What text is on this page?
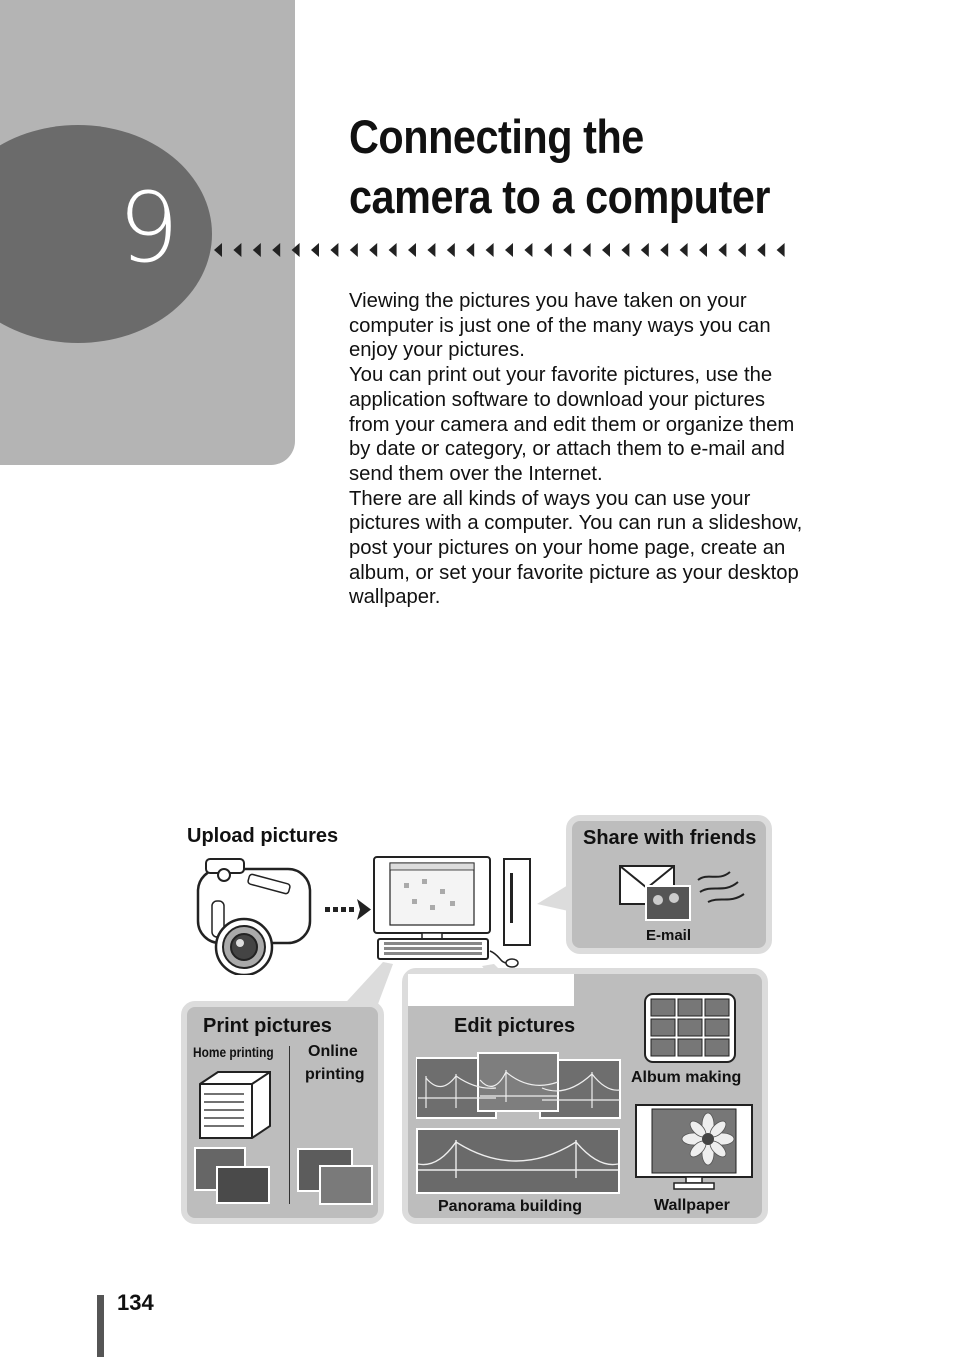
9
Connecting the
camera to a computer

Viewing the pictures you have taken on your computer is just one of the many ways you can enjoy your pictures.

You can print out your favorite pictures, use the application software to download your pictures from your camera and edit them or organize them by date or category, or attach them to e-mail and send them over the Internet.

There are all kinds of ways you can use your pictures with a computer. You can run a slideshow, post your pictures on your home page, create an album, or set your favorite picture as your desktop wallpaper.

Upload pictures	Share with friends
E-mail
Print pictures
Home printing Online
printing
Edit pictures
Panorama building
Album making
Wallpaper
134
